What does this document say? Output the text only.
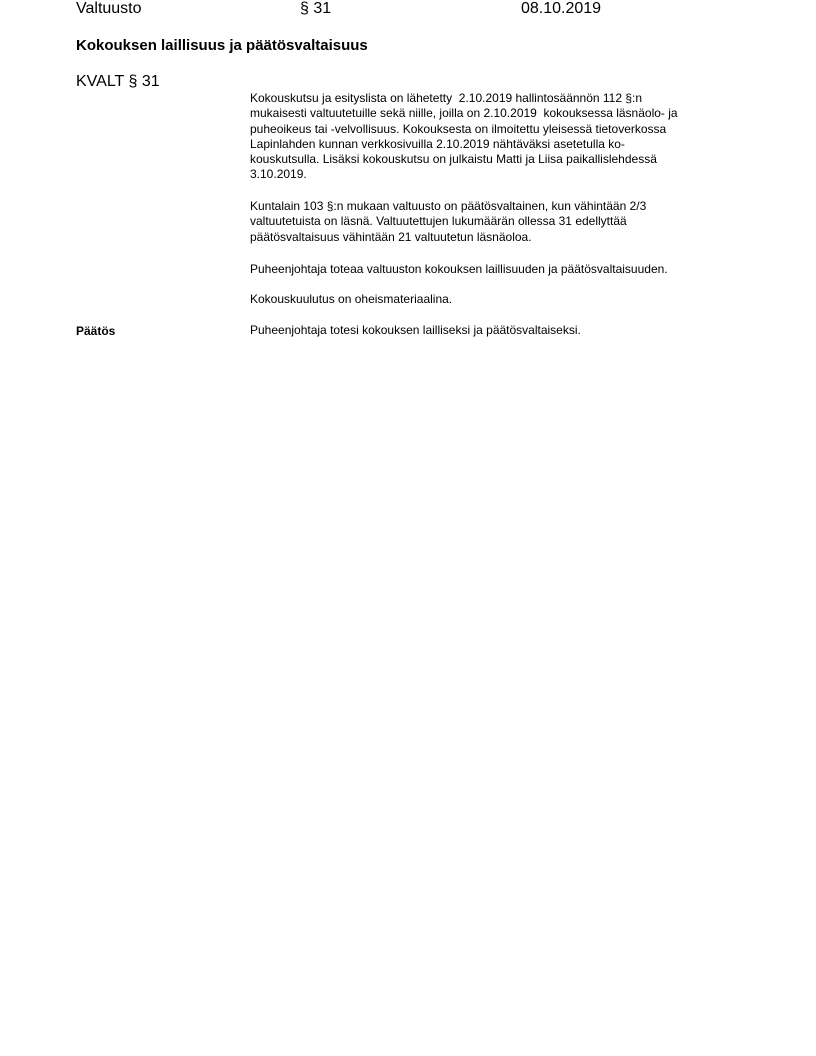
Valtuusto	§ 31	08.10.2019
Kokouksen laillisuus ja päätösvaltaisuus
KVALT § 31

Kokouskutsu ja esityslista on lähetetty  2.10.2019 hallintosäännön 112 §:n
mukaisesti valtuutetuille sekä niille, joilla on 2.10.2019  kokouksessa läsnäolo- ja
puheoikeus tai -velvollisuus. Kokouksesta on ilmoitettu yleisessä tietoverkossa
Lapinlahden kunnan verkkosivuilla 2.10.2019 nähtäväksi asetetulla ko-
kouskutsulla. Lisäksi kokouskutsu on julkaistu Matti ja Liisa paikallislehdessä
3.10.2019.

Kuntalain 103 §:n mukaan valtuusto on päätösvaltainen, kun vähintään 2/3
valtuutetuista on läsnä. Valtuutettujen lukumäärän ollessa 31 edellyttää
päätösvaltaisuus vähintään 21 valtuutetun läsnäoloa.

Puheenjohtaja toteaa valtuuston kokouksen laillisuuden ja päätösvaltaisuuden.

Kokouskuulutus on oheismateriaalina.

Päätös	Puheenjohtaja totesi kokouksen lailliseksi ja päätösvaltaiseksi.
